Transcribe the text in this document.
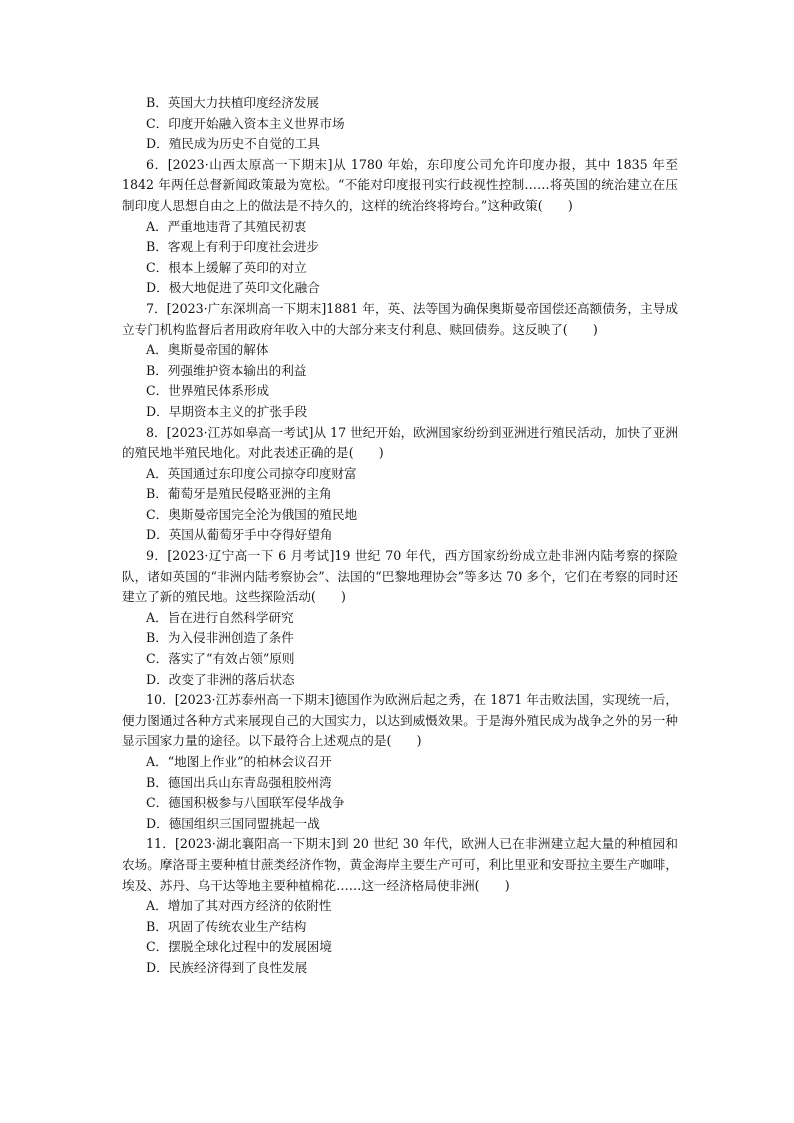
B．英国大力扶植印度经济发展
C．印度开始融入资本主义世界市场
D．殖民成为历史不自觉的工具
6．[2023·山西太原高一下期末]从 1780 年始，东印度公司允许印度办报，其中 1835 年至 1842 年两任总督新闻政策最为宽松。“不能对印度报刊实行歧视性控制……将英国的统治建立在压制印度人思想自由之上的做法是不持久的，这样的统治终将垮台。”这种政策(　　)
A．严重地违背了其殖民初衷
B．客观上有利于印度社会进步
C．根本上缓解了英印的对立
D．极大地促进了英印文化融合
7．[2023·广东深圳高一下期末]1881 年，英、法等国为确保奥斯曼帝国偿还高额债务，主导成立专门机构监督后者用政府年收入中的大部分来支付利息、赎回债券。这反映了(　　)
A．奥斯曼帝国的解体
B．列强维护资本输出的利益
C．世界殖民体系形成
D．早期资本主义的扩张手段
8．[2023·江苏如皋高一考试]从 17 世纪开始，欧洲国家纷纷到亚洲进行殖民活动，加快了亚洲的殖民地半殖民地化。对此表述正确的是(　　)
A．英国通过东印度公司掠夺印度财富
B．葡萄牙是殖民侵略亚洲的主角
C．奥斯曼帝国完全沦为俄国的殖民地
D．英国从葡萄牙手中夺得好望角
9．[2023·辽宁高一下 6 月考试]19 世纪 70 年代，西方国家纷纷成立赴非洲内陆考察的探险队，诸如英国的“非洲内陆考察协会”、法国的“巴黎地理协会”等多达 70 多个，它们在考察的同时还建立了新的殖民地。这些探险活动(　　)
A．旨在进行自然科学研究
B．为入侵非洲创造了条件
C．落实了“有效占领”原则
D．改变了非洲的落后状态
10．[2023·江苏泰州高一下期末]德国作为欧洲后起之秀，在 1871 年击败法国，实现统一后，便力图通过各种方式来展现自己的大国实力，以达到威慑效果。于是海外殖民成为战争之外的另一种显示国家力量的途径。以下最符合上述观点的是(　　)
A．“地图上作业”的柏林会议召开
B．德国出兵山东青岛强租胶州湾
C．德国积极参与八国联军侵华战争
D．德国组织三国同盟挑起一战
11．[2023·湖北襄阳高一下期末]到 20 世纪 30 年代，欧洲人已在非洲建立起大量的种植园和农场。摩洛哥主要种植甘蔗类经济作物，黄金海岸主要生产可可，利比里亚和安哥拉主要生产咖啡，埃及、苏丹、乌干达等地主要种植棉花……这一经济格局使非洲(　　)
A．增加了其对西方经济的依附性
B．巩固了传统农业生产结构
C．摆脱全球化过程中的发展困境
D．民族经济得到了良性发展
